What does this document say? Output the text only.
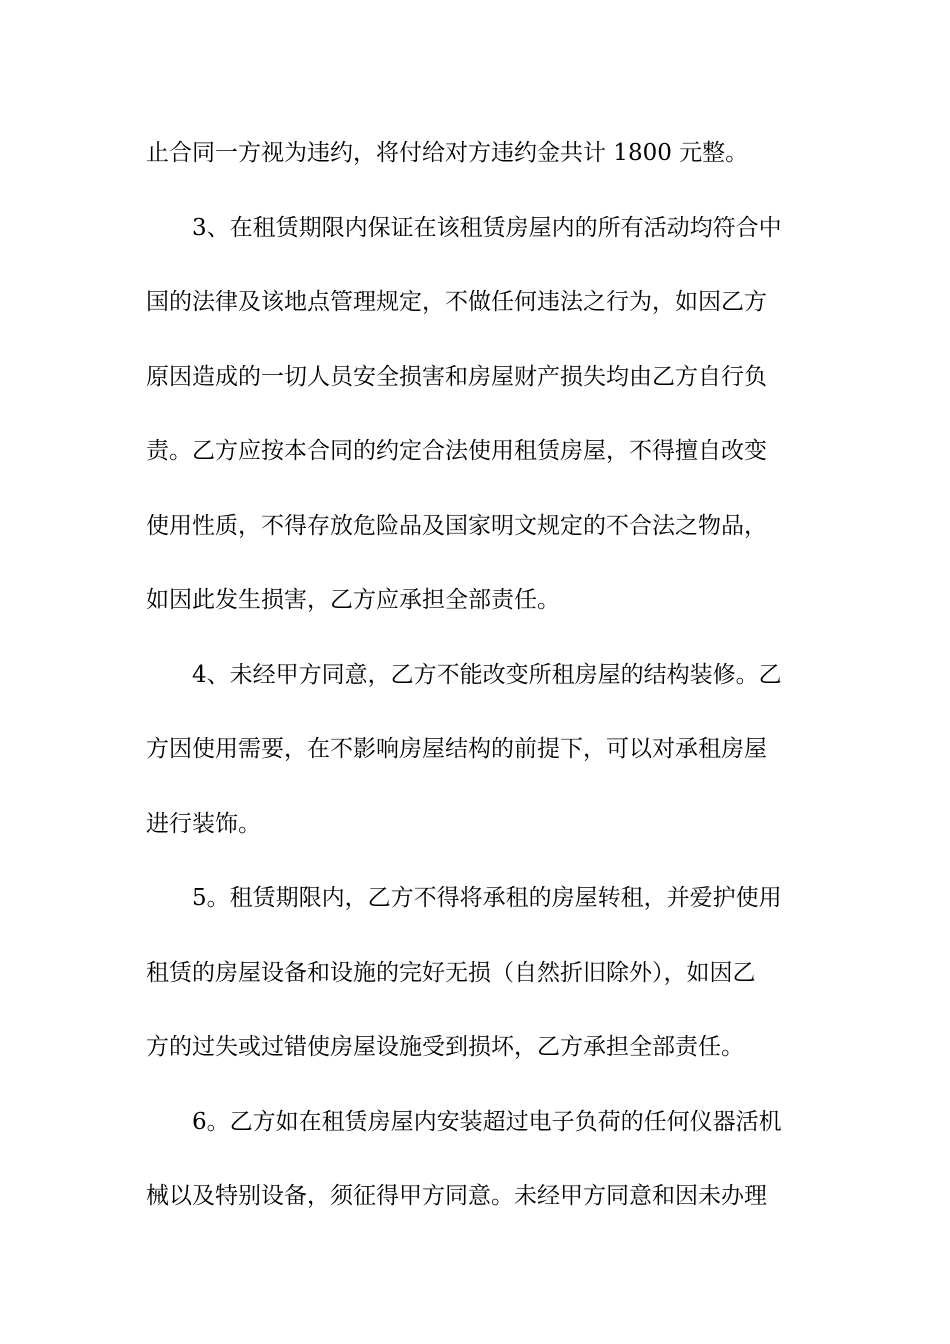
止合同一方视为违约，将付给对方违约金共计 1800 元整。
3、在租赁期限内保证在该租赁房屋内的所有活动均符合中
国的法律及该地点管理规定，不做任何违法之行为，如因乙方
原因造成的一切人员安全损害和房屋财产损失均由乙方自行负
责。乙方应按本合同的约定合法使用租赁房屋，不得擅自改变
使用性质，不得存放危险品及国家明文规定的不合法之物品，
如因此发生损害，乙方应承担全部责任。
4、未经甲方同意，乙方不能改变所租房屋的结构装修。乙
方因使用需要，在不影响房屋结构的前提下，可以对承租房屋
进行装饰。
5。租赁期限内，乙方不得将承租的房屋转租，并爱护使用
租赁的房屋设备和设施的完好无损（自然折旧除外），如因乙
方的过失或过错使房屋设施受到损坏，乙方承担全部责任。
6。乙方如在租赁房屋内安装超过电子负荷的任何仪器活机
械以及特别设备，须征得甲方同意。未经甲方同意和因未办理
